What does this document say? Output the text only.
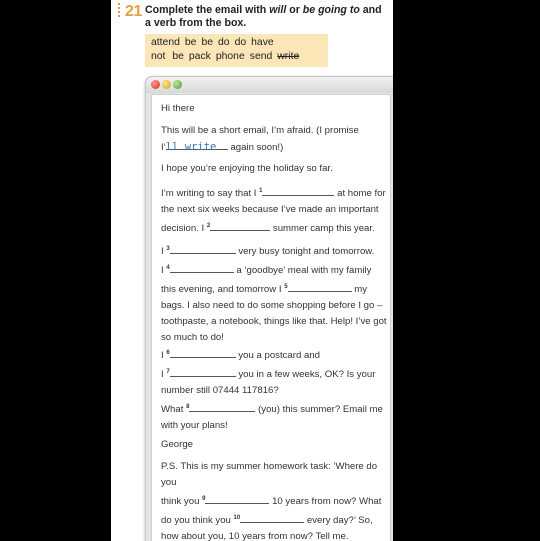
21 Complete the email with will or be going to and a verb from the box.
attend be be do do have
not be pack phone send write
Hi there
This will be a short email, I’m afraid. (I promise
I’ll write again soon!)
I hope you’re enjoying the holiday so far.
I’m writing to say that I $^1$	at home for
the next six weeks because I’ve made an important
decision. I $^2$	summer camp this year.
I $^3$	very busy tonight and tomorrow.
I $^4$	a ‘goodbye’ meal with my family
this evening, and tomorrow I $^5$	my
bags. I also need to do some shopping before I go –
toothpaste, a notebook, things like that. Help! I’ve got
so much to do!
I $^6$	you a postcard and
I $^7$	you in a few weeks, OK? Is your
number still 07444 117816?
What $^8$	(you) this summer? Email me
with your plans!
George
P.S. This is my summer homework task: ‘Where do you
think you $^9$	10 years from now? What
do you think you $^{10}$	every day?’ So,
how about you, 10 years from now? Tell me.
